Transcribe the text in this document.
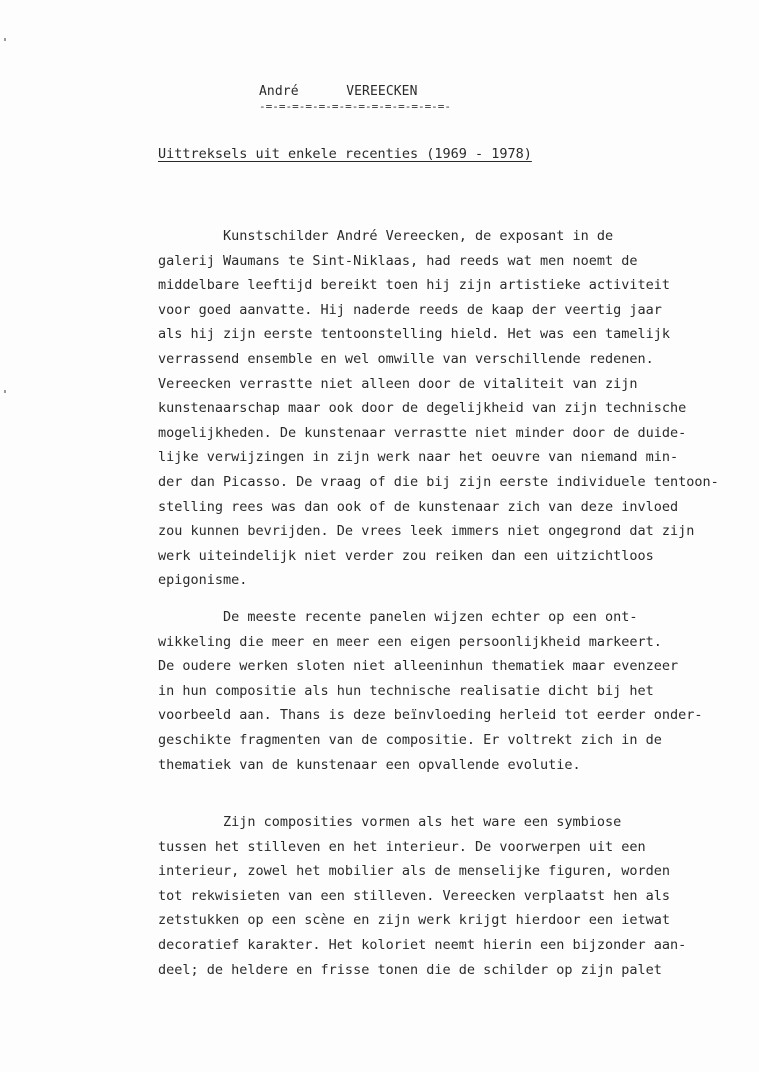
André      VEREECKEN
-=-=-=-=-=-=-=-=-=-=-=-=-=-=-
Uittreksels uit enkele recenties (1969 - 1978)
Kunstschilder André Vereecken, de exposant in de
galerij Waumans te Sint-Niklaas, had reeds wat men noemt de
middelbare leeftijd bereikt toen hij zijn artistieke activiteit
voor goed aanvatte. Hij naderde reeds de kaap der veertig jaar
als hij zijn eerste tentoonstelling hield. Het was een tamelijk
verrassend ensemble en wel omwille van verschillende redenen.
Vereecken verrastte niet alleen door de vitaliteit van zijn
kunstenaarschap maar ook door de degelijkheid van zijn technische
mogelijkheden. De kunstenaar verrastte niet minder door de duide-
lijke verwijzingen in zijn werk naar het oeuvre van niemand min-
der dan Picasso. De vraag of die bij zijn eerste individuele tentoon-
stelling rees was dan ook of de kunstenaar zich van deze invloed
zou kunnen bevrijden. De vrees leek immers niet ongegrond dat zijn
werk uiteindelijk niet verder zou reiken dan een uitzichtloos
epigonisme.
De meeste recente panelen wijzen echter op een ont-
wikkeling die meer en meer een eigen persoonlijkheid markeert.
De oudere werken sloten niet alleeninhun thematiek maar evenzeer
in hun compositie als hun technische realisatie dicht bij het
voorbeeld aan. Thans is deze beïnvloeding herleid tot eerder onder-
geschikte fragmenten van de compositie. Er voltrekt zich in de
thematiek van de kunstenaar een opvallende evolutie.
Zijn composities vormen als het ware een symbiose
tussen het stilleven en het interieur. De voorwerpen uit een
interieur, zowel het mobilier als de menselijke figuren, worden
tot rekwisieten van een stilleven. Vereecken verplaatst hen als
zetstukken op een scène en zijn werk krijgt hierdoor een ietwat
decoratief karakter. Het koloriet neemt hierin een bijzonder aan-
deel; de heldere en frisse tonen die de schilder op zijn palet
